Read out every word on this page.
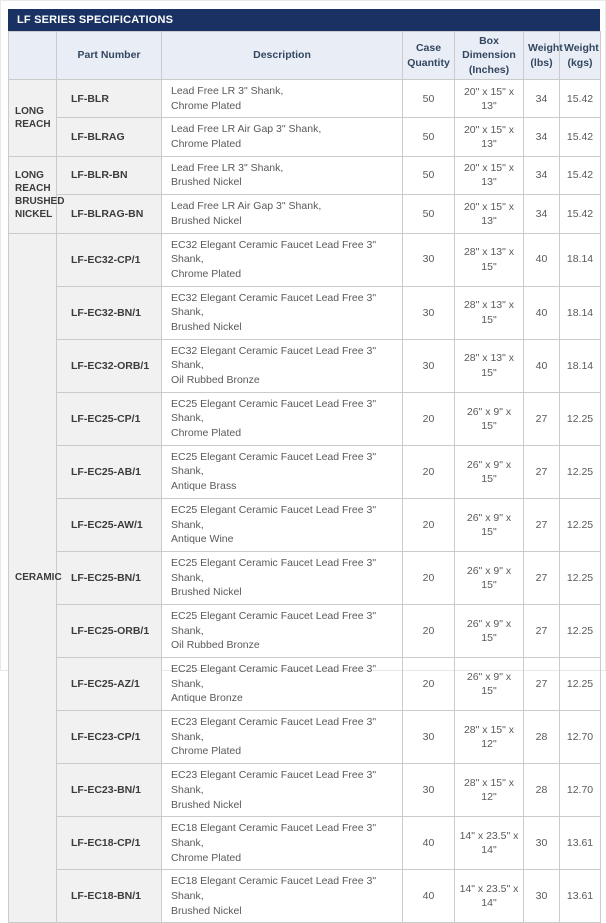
LF SERIES SPECIFICATIONS
	Part Number	Description	Case Quantity	Box Dimension (Inches)	Weight (lbs)	Weight (kgs)
LONG REACH	LF-BLR	Lead Free LR 3" Shank,
Chrome Plated	50	20" x 15" x 13"	34	15.42
	LF-BLRAG	Lead Free LR Air Gap 3" Shank,
Chrome Plated	50	20" x 15" x 13"	34	15.42
LONG REACH BRUSHED NICKEL	LF-BLR-BN	Lead Free LR 3" Shank,
Brushed Nickel	50	20" x 15" x 13"	34	15.42
	LF-BLRAG-BN	Lead Free LR Air Gap 3" Shank,
Brushed Nickel	50	20" x 15" x 13"	34	15.42
CERAMIC	LF-EC32-CP/1	EC32 Elegant Ceramic Faucet Lead Free 3" Shank,
Chrome Plated	30	28" x 13" x 15"	40	18.14
	LF-EC32-BN/1	EC32 Elegant Ceramic Faucet Lead Free 3" Shank,
Brushed Nickel	30	28" x 13" x 15"	40	18.14
	LF-EC32-ORB/1	EC32 Elegant Ceramic Faucet Lead Free 3" Shank,
Oil Rubbed Bronze	30	28" x 13" x 15"	40	18.14
	LF-EC25-CP/1	EC25 Elegant Ceramic Faucet Lead Free 3" Shank,
Chrome Plated	20	26" x 9" x 15"	27	12.25
	LF-EC25-AB/1	EC25 Elegant Ceramic Faucet Lead Free 3" Shank,
Antique Brass	20	26" x 9" x 15"	27	12.25
	LF-EC25-AW/1	EC25 Elegant Ceramic Faucet Lead Free 3" Shank,
Antique Wine	20	26" x 9" x 15"	27	12.25
	LF-EC25-BN/1	EC25 Elegant Ceramic Faucet Lead Free 3" Shank,
Brushed Nickel	20	26" x 9" x 15"	27	12.25
	LF-EC25-ORB/1	EC25 Elegant Ceramic Faucet Lead Free 3" Shank,
Oil Rubbed Bronze	20	26" x 9" x 15"	27	12.25
	LF-EC25-AZ/1	EC25 Elegant Ceramic Faucet Lead Free 3" Shank,
Antique Bronze	20	26" x 9" x 15"	27	12.25
	LF-EC23-CP/1	EC23 Elegant Ceramic Faucet Lead Free 3" Shank,
Chrome Plated	30	28" x 15" x 12"	28	12.70
	LF-EC23-BN/1	EC23 Elegant Ceramic Faucet Lead Free 3" Shank,
Brushed Nickel	30	28" x 15" x 12"	28	12.70
	LF-EC18-CP/1	EC18 Elegant Ceramic Faucet Lead Free 3" Shank,
Chrome Plated	40	14" x 23.5" x 14"	30	13.61
	LF-EC18-BN/1	EC18 Elegant Ceramic Faucet Lead Free 3" Shank,
Brushed Nickel	40	14" x 23.5" x 14"	30	13.61
